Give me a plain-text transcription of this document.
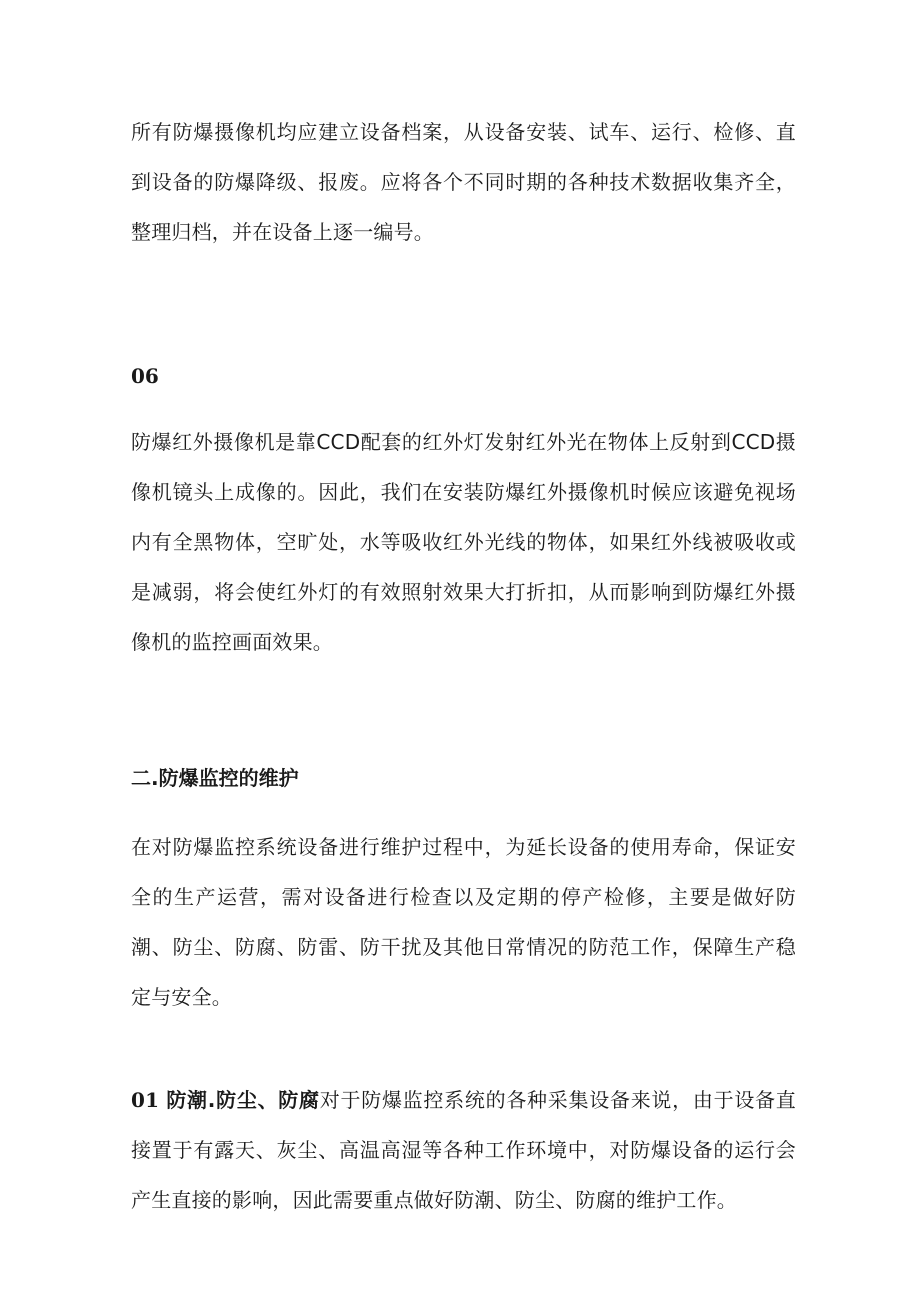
所有防爆摄像机均应建立设备档案，从设备安装、试车、运行、检修、直到设备的防爆降级、报废。应将各个不同时期的各种技术数据收集齐全，整理归档，并在设备上逐一编号。

06

防爆红外摄像机是靠CCD配套的红外灯发射红外光在物体上反射到CCD摄像机镜头上成像的。因此，我们在安装防爆红外摄像机时候应该避免视场内有全黑物体，空旷处，水等吸收红外光线的物体，如果红外线被吸收或是减弱，将会使红外灯的有效照射效果大打折扣，从而影响到防爆红外摄像机的监控画面效果。

二.防爆监控的维护

在对防爆监控系统设备进行维护过程中，为延长设备的使用寿命，保证安全的生产运营，需对设备进行检查以及定期的停产检修，主要是做好防潮、防尘、防腐、防雷、防干扰及其他日常情况的防范工作，保障生产稳定与安全。

01 防潮.防尘、防腐对于防爆监控系统的各种采集设备来说，由于设备直接置于有露天、灰尘、高温高湿等各种工作环境中，对防爆设备的运行会产生直接的影响，因此需要重点做好防潮、防尘、防腐的维护工作。
